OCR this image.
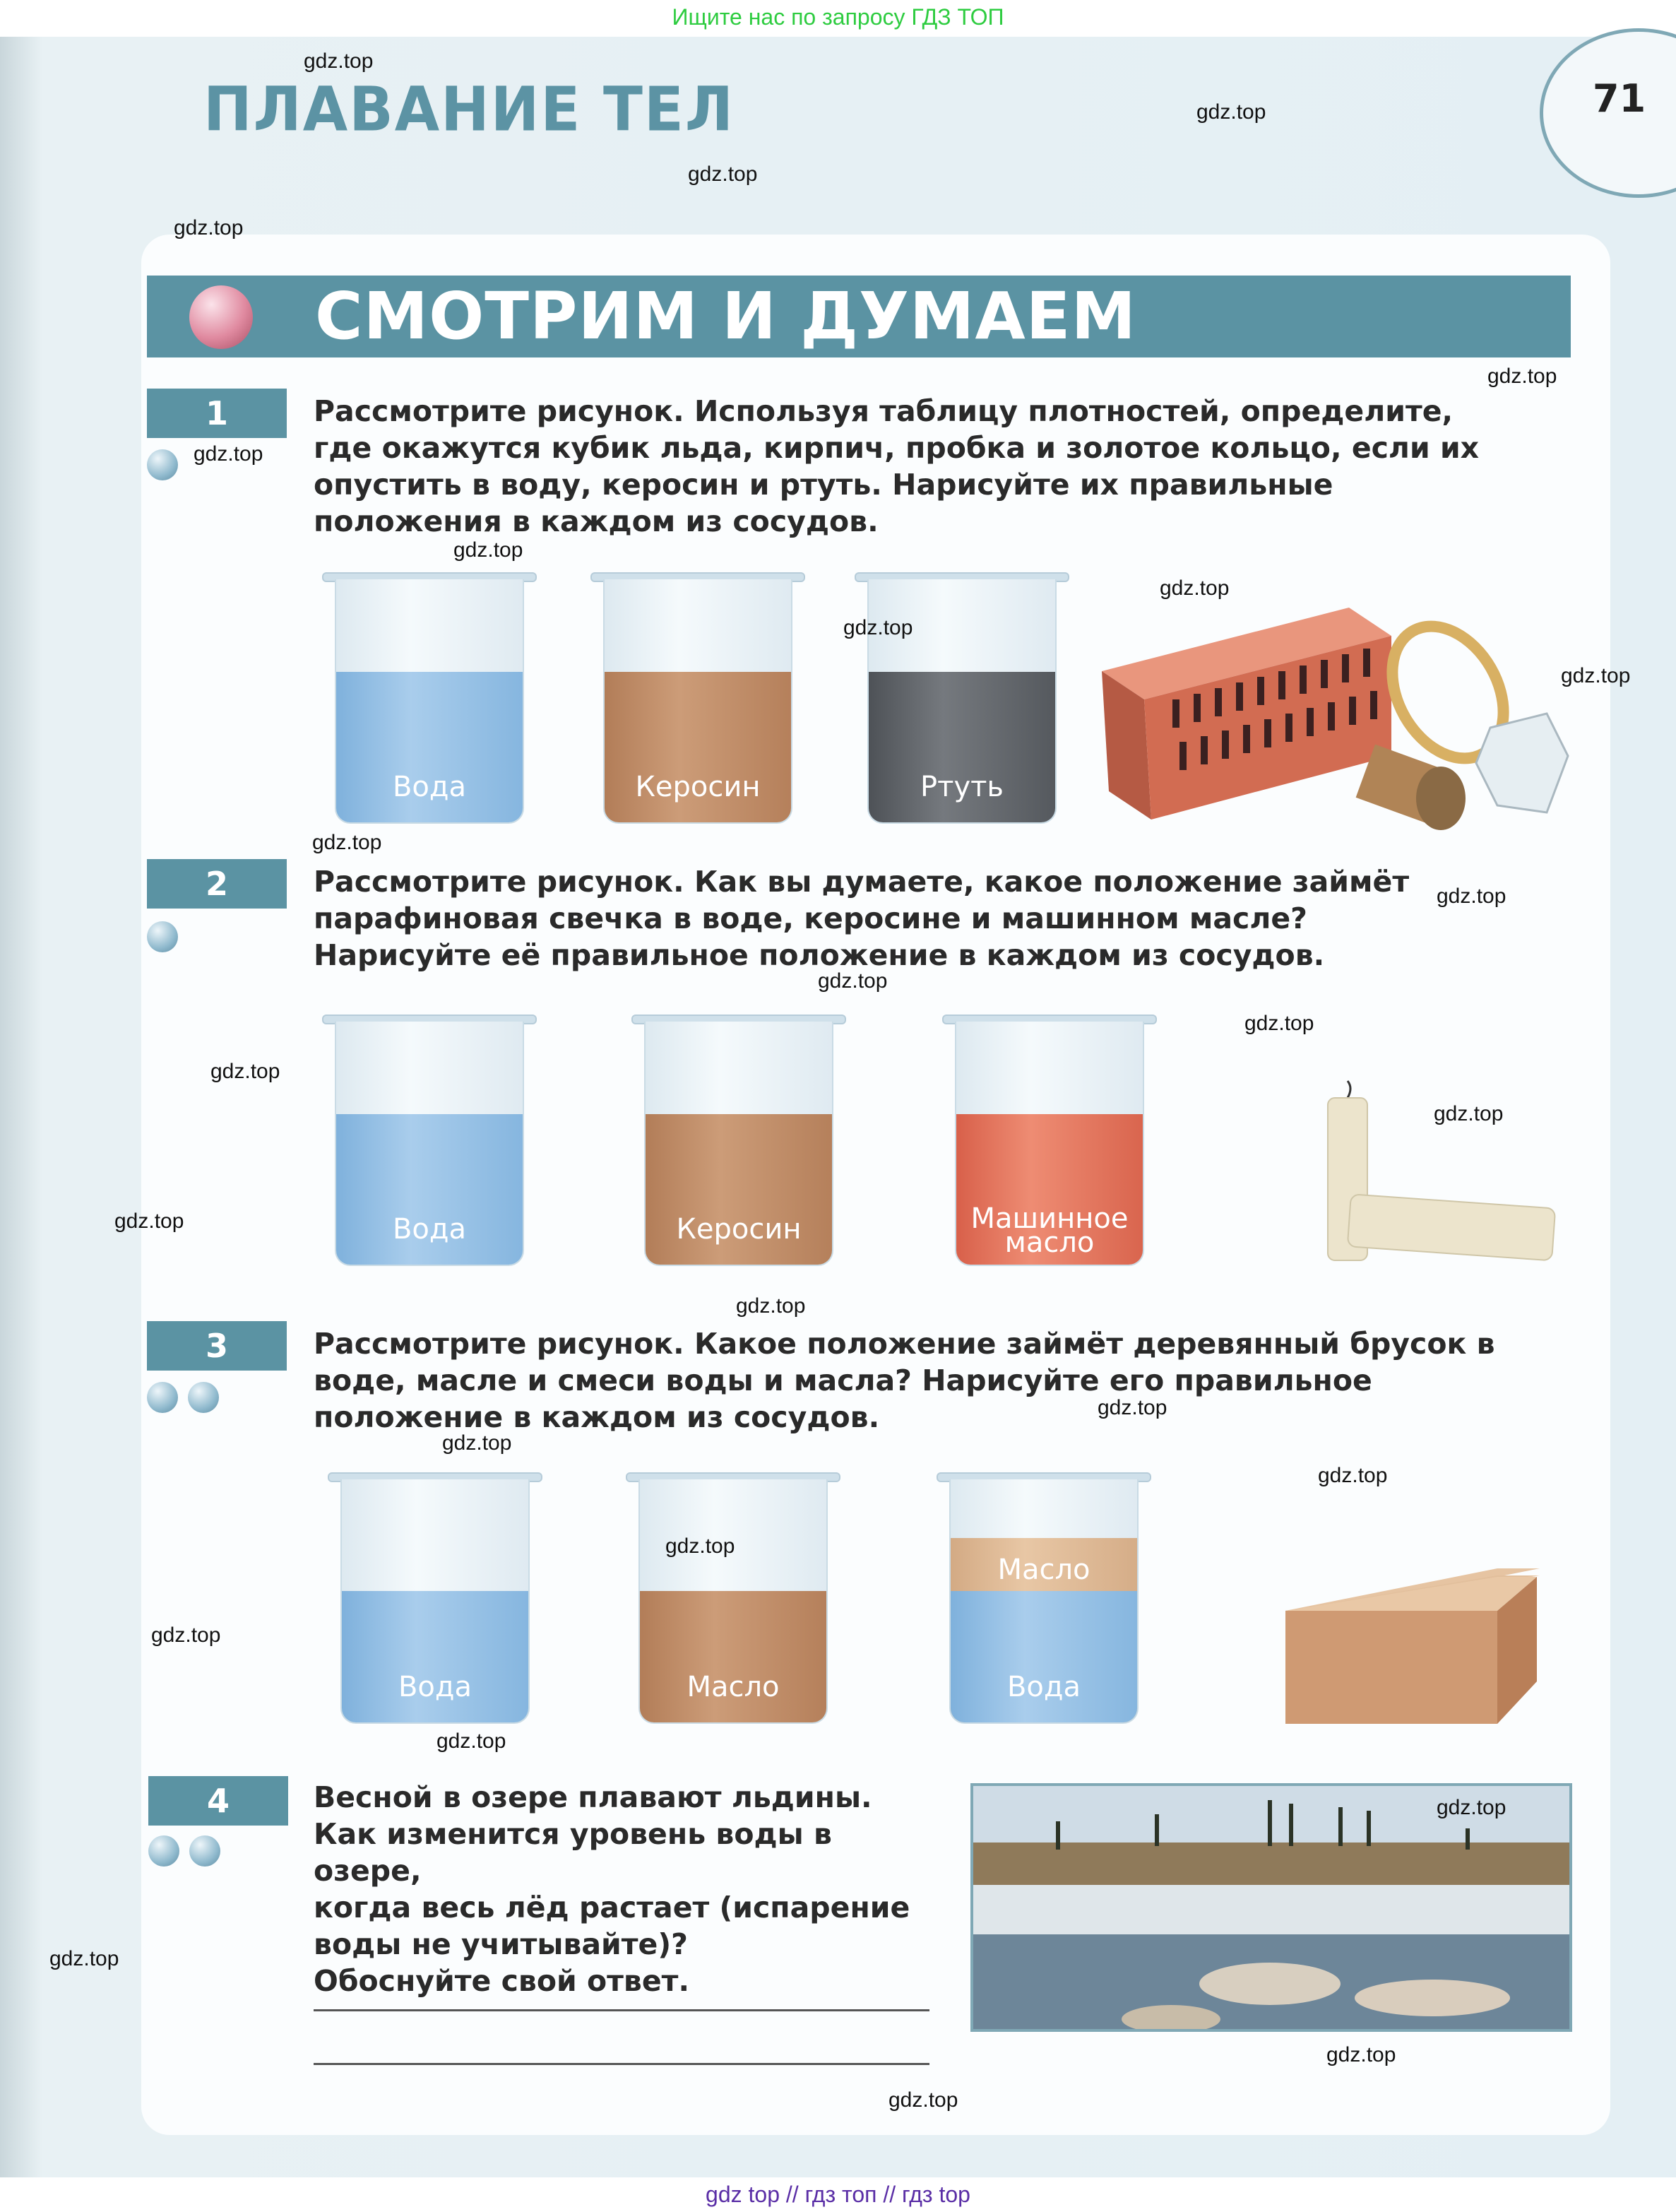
Ищите нас по запросу ГДЗ ТОП
71
ПЛАВАНИЕ ТЕЛ
СМОТРИМ И ДУМАЕМ
1	Рассмотрите рисунок. Используя таблицу плотностей, определите, где окажутся кубик льда, кирпич, пробка и золотое кольцо, если их опустить в воду, керосин и ртуть. Нарисуйте их правильные положения в каждом из сосудов.
Вода	Керосин	Ртуть
2	Рассмотрите рисунок. Как вы думаете, какое положение займёт парафиновая свечка в воде, керосине и машинном масле? Нарисуйте её правильное положение в каждом из сосудов.
Вода	Керосин	Машинное масло
3	Рассмотрите рисунок. Какое положение займёт деревянный брусок в воде, масле и смеси воды и масла? Нарисуйте его правильное положение в каждом из сосудов.
Вода	Масло
Масло
Вода
4	Весной в озере плавают льдины.
Как изменится уровень воды в озере,
когда весь лёд растает (испарение
воды не учитывайте)?
Обоснуйте свой ответ.
gdz.top
gdz.top
gdz.top
gdz.top
gdz.top
gdz.top
gdz.top
gdz.top
gdz.top
gdz.top
gdz.top
gdz.top
gdz.top
gdz.top
gdz.top
gdz.top
gdz.top
gdz.top
gdz.top
gdz.top
gdz.top
gdz.top
gdz.top
gdz.top
gdz.top
gdz.top
gdz.top
gdz.top
gdz top // гдз топ // гдз top
